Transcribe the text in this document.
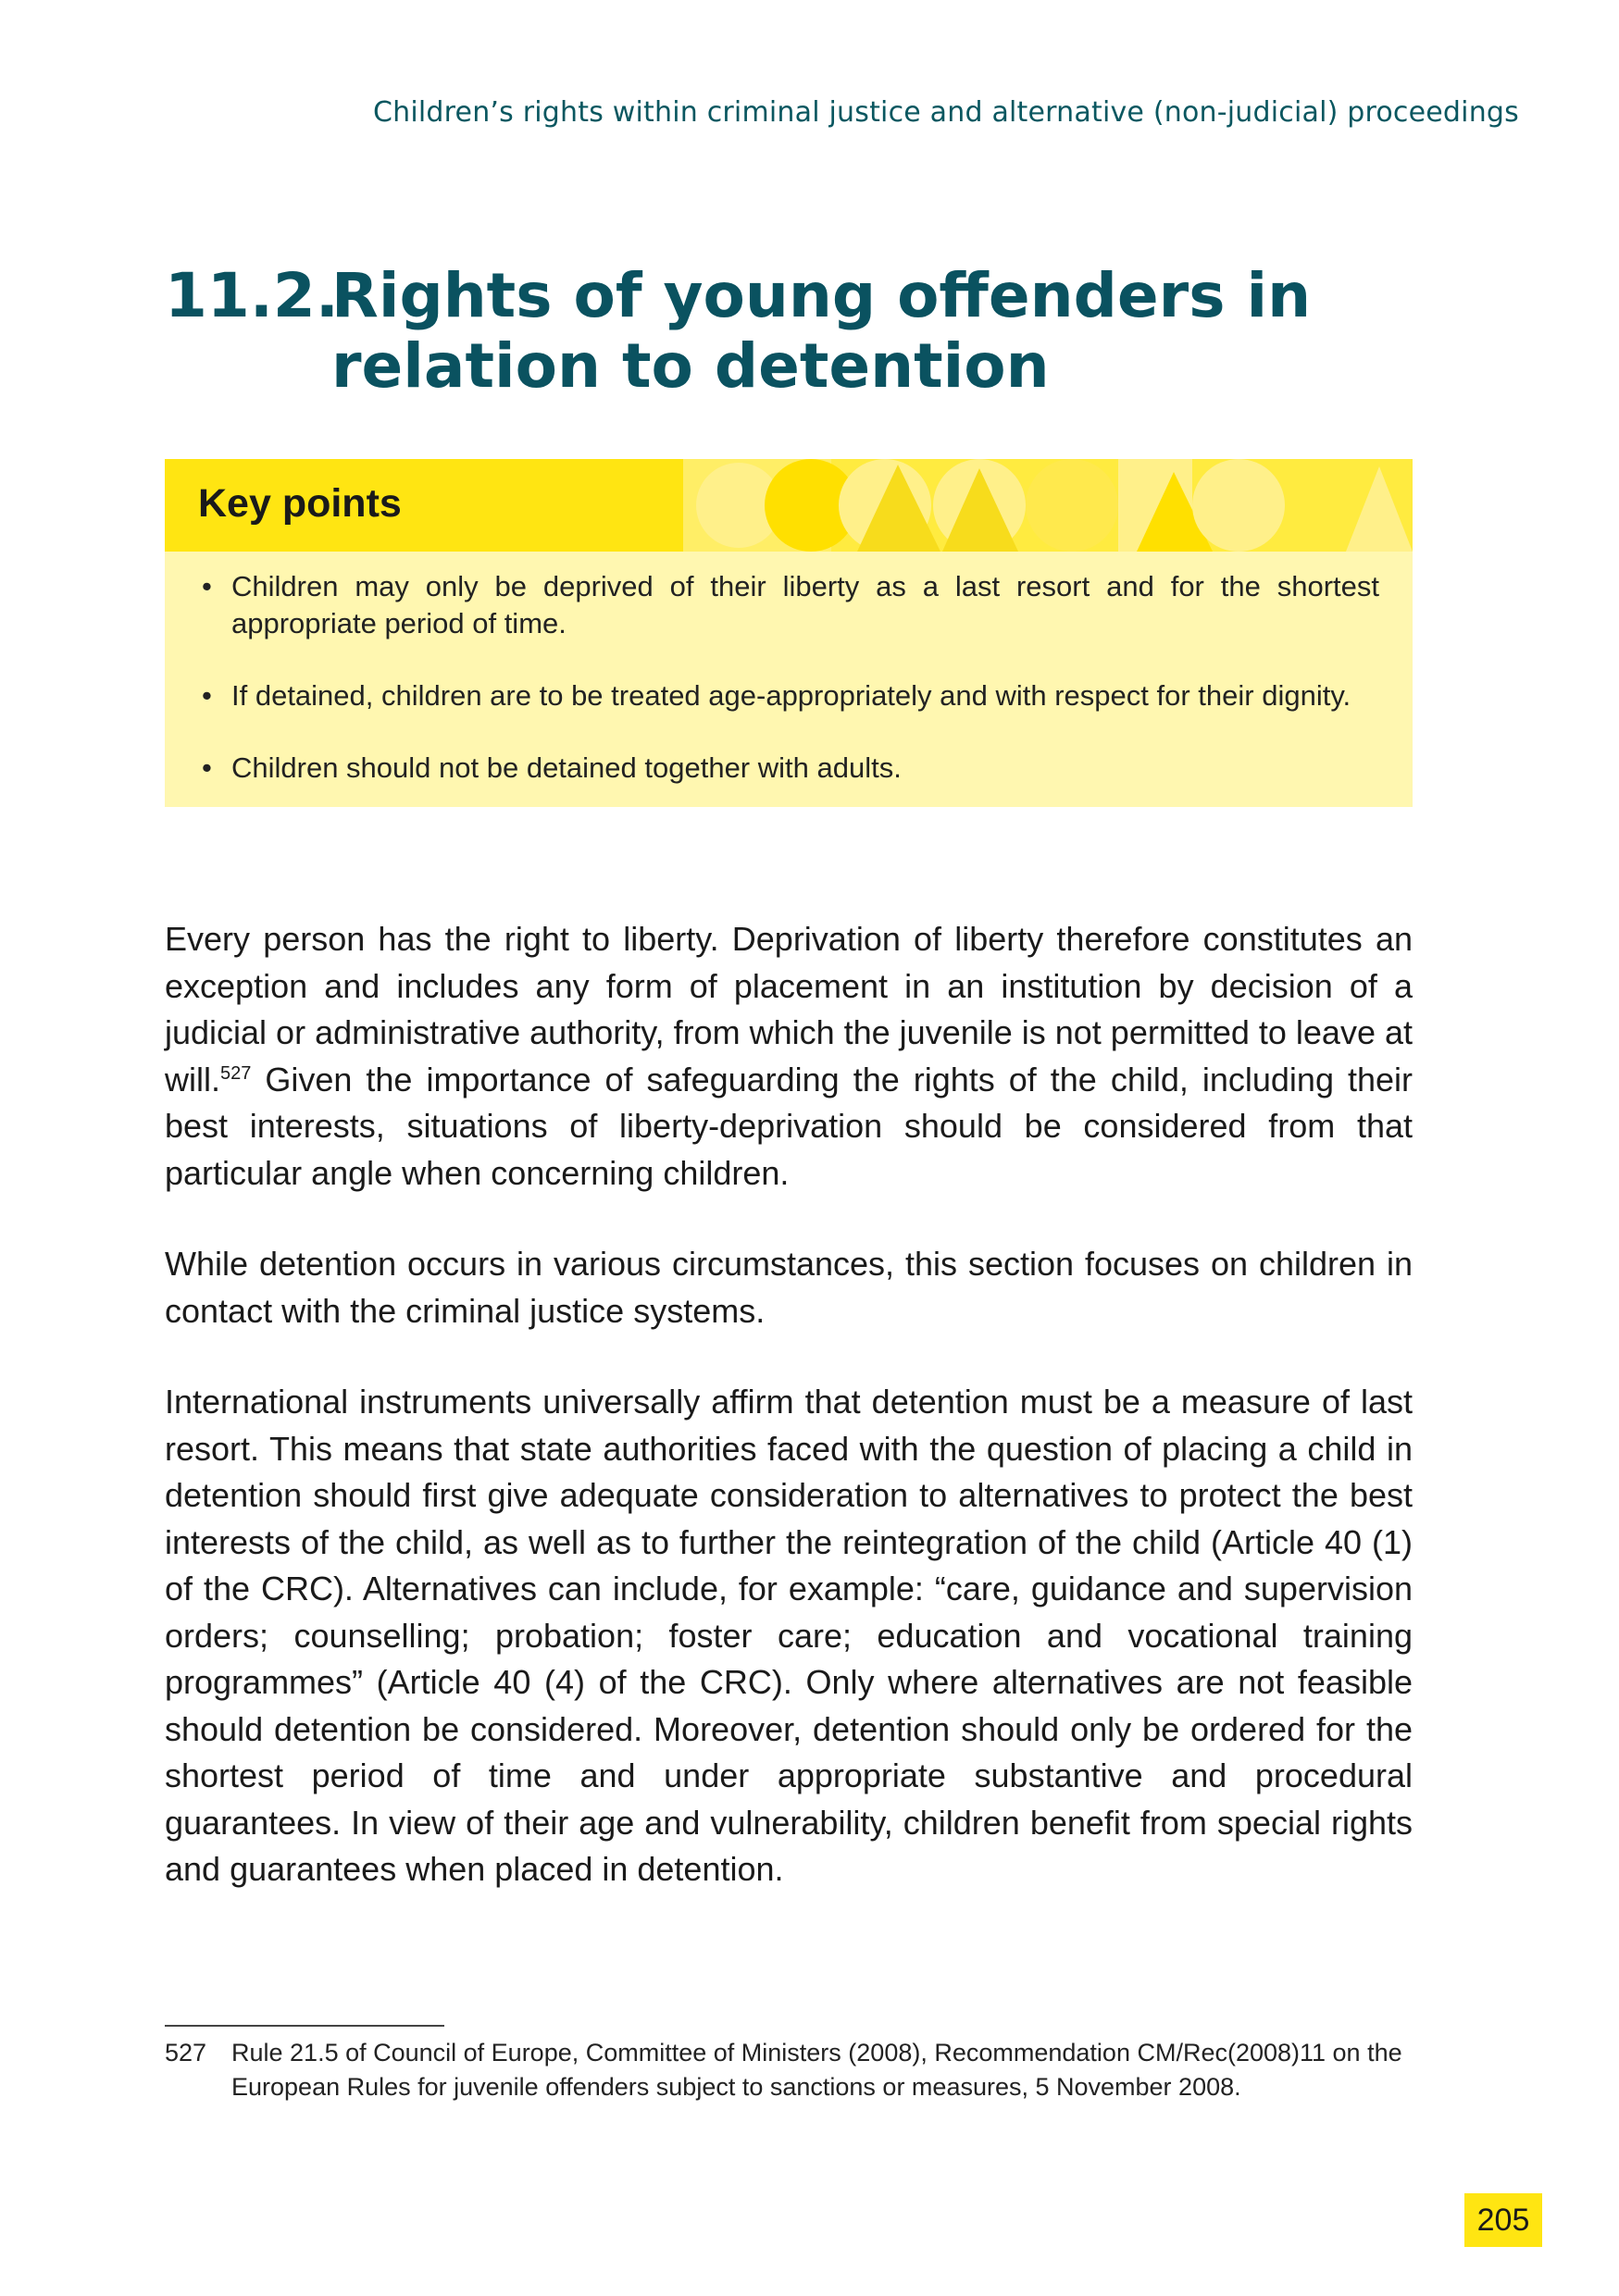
Children’s rights within criminal justice and alternative (non-judicial) proceedings
11.2.
Rights of young offenders in relation to detention
Key points
• Children may only be deprived of their liberty as a last resort and for the shortest appropriate period of time.
• If detained, children are to be treated age-appropriately and with respect for their dignity.
• Children should not be detained together with adults.

Every person has the right to liberty. Deprivation of liberty therefore constitutes an exception and includes any form of placement in an institution by decision of a judicial or administrative authority, from which the juvenile is not permitted to leave at will.$^{527}$ Given the importance of safeguarding the rights of the child, including their best interests, situations of liberty-deprivation should be considered from that particular angle when concerning children.

While detention occurs in various circumstances, this section focuses on children in contact with the criminal justice systems.

International instruments universally affirm that detention must be a measure of last resort. This means that state authorities faced with the question of placing a child in detention should first give adequate consideration to alternatives to protect the best interests of the child, as well as to further the reintegration of the child (Article 40 (1) of the CRC). Alternatives can include, for example: “care, guidance and supervision orders; counselling; probation; foster care; education and vocational training programmes” (Article 40 (4) of the CRC). Only where alternatives are not feasible should detention be considered. Moreover, detention should only be ordered for the shortest period of time and under appropriate substantive and procedural guarantees. In view of their age and vulnerability, children benefit from special rights and guarantees when placed in detention.

527 Rule 21.5 of Council of Europe, Committee of Ministers (2008), Recommendation CM/Rec(2008)11 on the European Rules for juvenile offenders subject to sanctions or measures, 5 November 2008.
205
